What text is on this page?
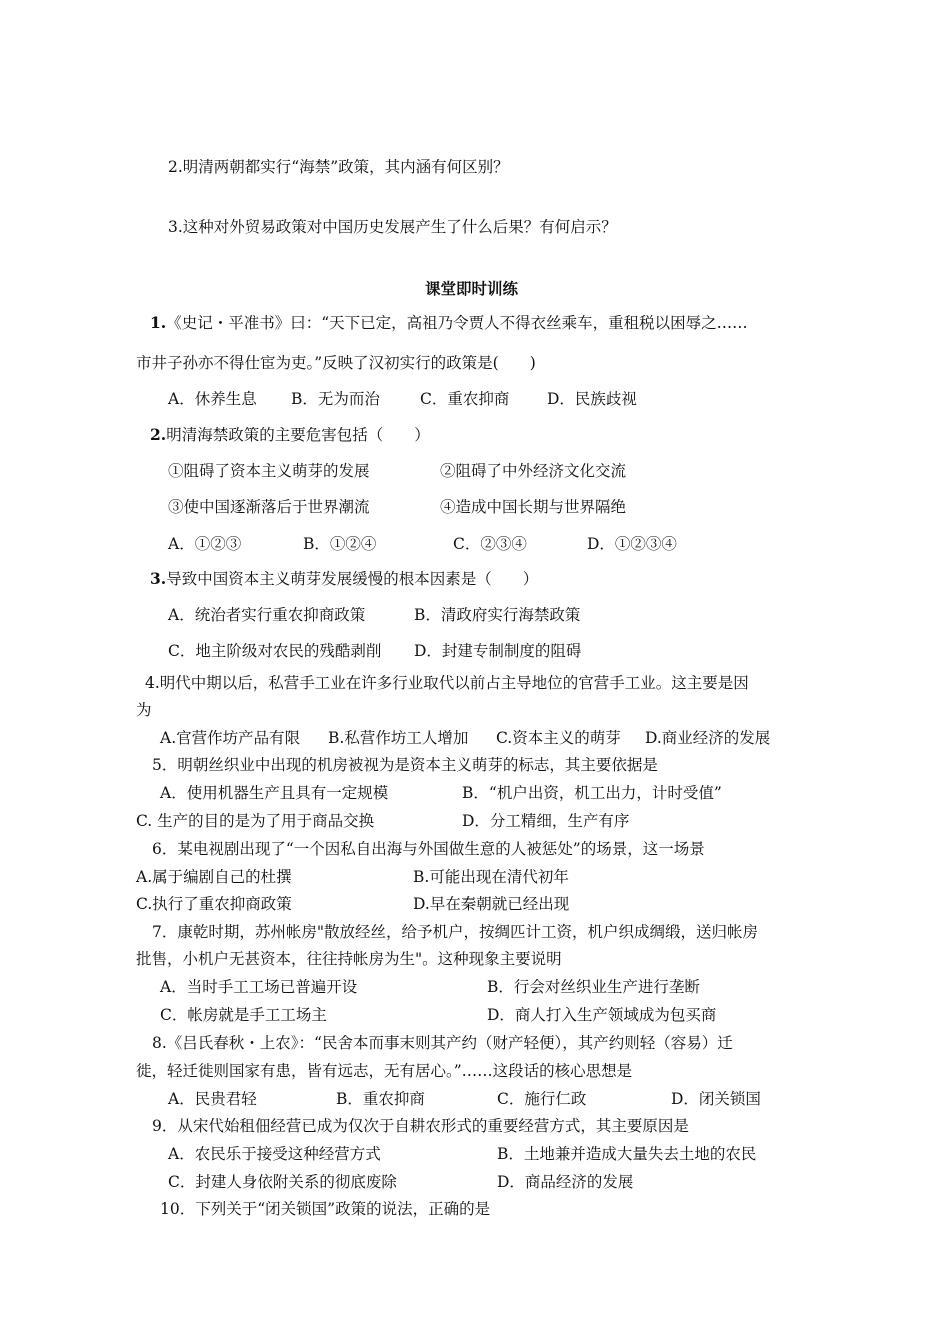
2.明清两朝都实行“海禁”政策，其内涵有何区别？
3.这种对外贸易政策对中国历史发展产生了什么后果？有何启示？
课堂即时训练
1.《史记・平准书》曰：“天下已定，高祖乃令贾人不得衣丝乘车，重租税以困辱之……
市井子孙亦不得仕宦为吏。”反映了汉初实行的政策是(　　)
A．休养生息 B．无为而治	C．重农抑商 D．民族歧视
2.明清海禁政策的主要危害包括（　　）
①阻碍了资本主义萌芽的发展	②阻碍了中外经济文化交流
③使中国逐渐落后于世界潮流	④造成中国长期与世界隔绝
A．①②③	B．①②④	C．②③④	D．①②③④
3.导致中国资本主义萌芽发展缓慢的根本因素是（　　）
A．统治者实行重农抑商政策	B．清政府实行海禁政策
C．地主阶级对农民的残酷剥削 D．封建专制制度的阻碍
4.明代中期以后，私营手工业在许多行业取代以前占主导地位的官营手工业。这主要是因
为
A.官营作坊产品有限 B.私营作坊工人增加 C.资本主义的萌芽 D.商业经济的发展
5．明朝丝织业中出现的机房被视为是资本主义萌芽的标志，其主要依据是
A．使用机器生产且具有一定规模	B．“机户出资，机工出力，计时受值”
C. 生产的目的是为了用于商品交换	D．分工精细，生产有序
6．某电视剧出现了“一个因私自出海与外国做生意的人被惩处”的场景，这一场景
A.属于编剧自己的杜撰	B.可能出现在清代初年
C.执行了重农抑商政策	D.早在秦朝就已经出现
7．康乾时期，苏州帐房"散放经丝，给予机户，按绸匹计工资，机户织成绸缎，送归帐房
批售，小机户无甚资本，往往持帐房为生"。这种现象主要说明
A．当时手工工场已普遍开设	B．行会对丝织业生产进行垄断
C．帐房就是手工工场主	D．商人打入生产领域成为包买商
8.《吕氏春秋・上农》：“民舍本而事末则其产约（财产轻便），其产约则轻（容易）迁
徙，轻迁徙则国家有患，皆有远志，无有居心。”……这段话的核心思想是
A．民贵君轻	B．重农抑商	C．施行仁政	D．闭关锁国
9．从宋代始租佃经营已成为仅次于自耕农形式的重要经营方式，其主要原因是
A．农民乐于接受这种经营方式	B．土地兼并造成大量失去土地的农民
C．封建人身依附关系的彻底废除	D．商品经济的发展
10．下列关于“闭关锁国”政策的说法，正确的是
